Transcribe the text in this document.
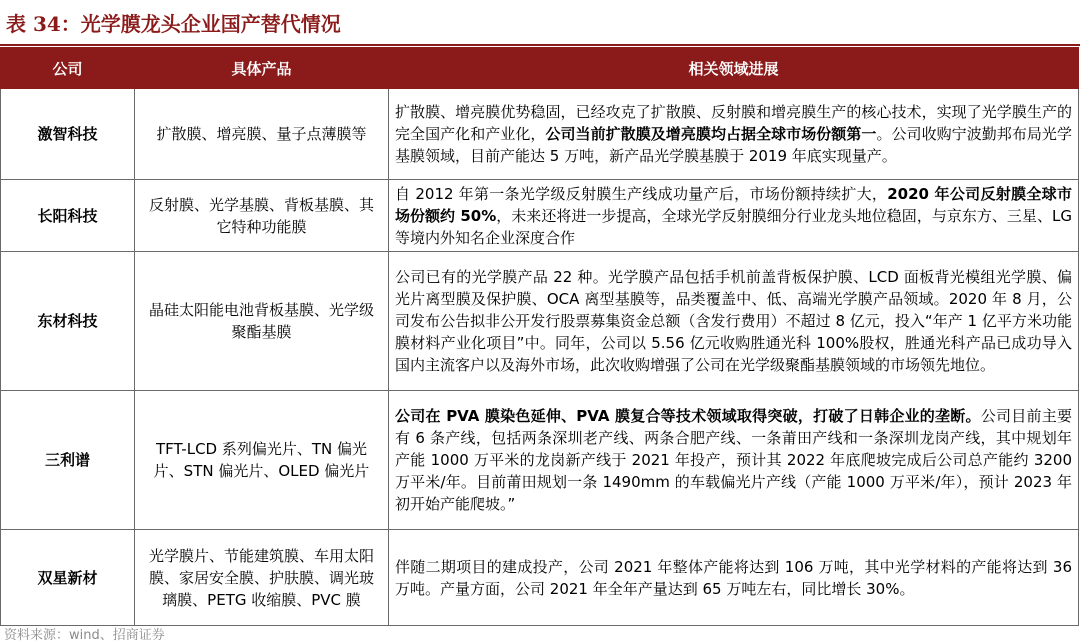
表 34：光学膜龙头企业国产替代情况
公司	具体产品	相关领域进展
激智科技	扩散膜、增亮膜、量子点薄膜等	扩散膜、增亮膜优势稳固，已经攻克了扩散膜、反射膜和增亮膜生产的核心技术，实现了光学膜生产的完全国产化和产业化，公司当前扩散膜及增亮膜均占据全球市场份额第一。公司收购宁波勤邦布局光学基膜领域，目前产能达 5 万吨，新产品光学膜基膜于 2019 年底实现量产。
长阳科技	反射膜、光学基膜、背板基膜、其它特种功能膜	自 2012 年第一条光学级反射膜生产线成功量产后，市场份额持续扩大，2020 年公司反射膜全球市场份额约 50%，未来还将进一步提高，全球光学反射膜细分行业龙头地位稳固，与京东方、三星、LG 等境内外知名企业深度合作
东材科技	晶硅太阳能电池背板基膜、光学级聚酯基膜	公司已有的光学膜产品 22 种。光学膜产品包括手机前盖背板保护膜、LCD 面板背光模组光学膜、偏光片离型膜及保护膜、OCA 离型基膜等，品类覆盖中、低、高端光学膜产品领域。2020 年 8 月，公司发布公告拟非公开发行股票募集资金总额（含发行费用）不超过 8 亿元，投入“年产 1 亿平方米功能膜材料产业化项目”中。同年，公司以 5.56 亿元收购胜通光科 100%股权，胜通光科产品已成功导入国内主流客户以及海外市场，此次收购增强了公司在光学级聚酯基膜领域的市场领先地位。
三利谱	TFT-LCD 系列偏光片、TN 偏光片、STN 偏光片、OLED 偏光片	公司在 PVA 膜染色延伸、PVA 膜复合等技术领域取得突破，打破了日韩企业的垄断。公司目前主要有 6 条产线，包括两条深圳老产线、两条合肥产线、一条莆田产线和一条深圳龙岗产线，其中规划年产能 1000 万平米的龙岗新产线于 2021 年投产，预计其 2022 年底爬坡完成后公司总产能约 3200 万平米/年。目前莆田规划一条 1490mm 的车载偏光片产线（产能 1000 万平米/年），预计 2023 年初开始产能爬坡。”
双星新材	光学膜片、节能建筑膜、车用太阳膜、家居安全膜、护肤膜、调光玻璃膜、PETG 收缩膜、PVC 膜	伴随二期项目的建成投产，公司 2021 年整体产能将达到 106 万吨，其中光学材料的产能将达到 36 万吨。产量方面，公司 2021 年全年产量达到 65 万吨左右，同比增长 30%。
资料来源：wind、招商证券
